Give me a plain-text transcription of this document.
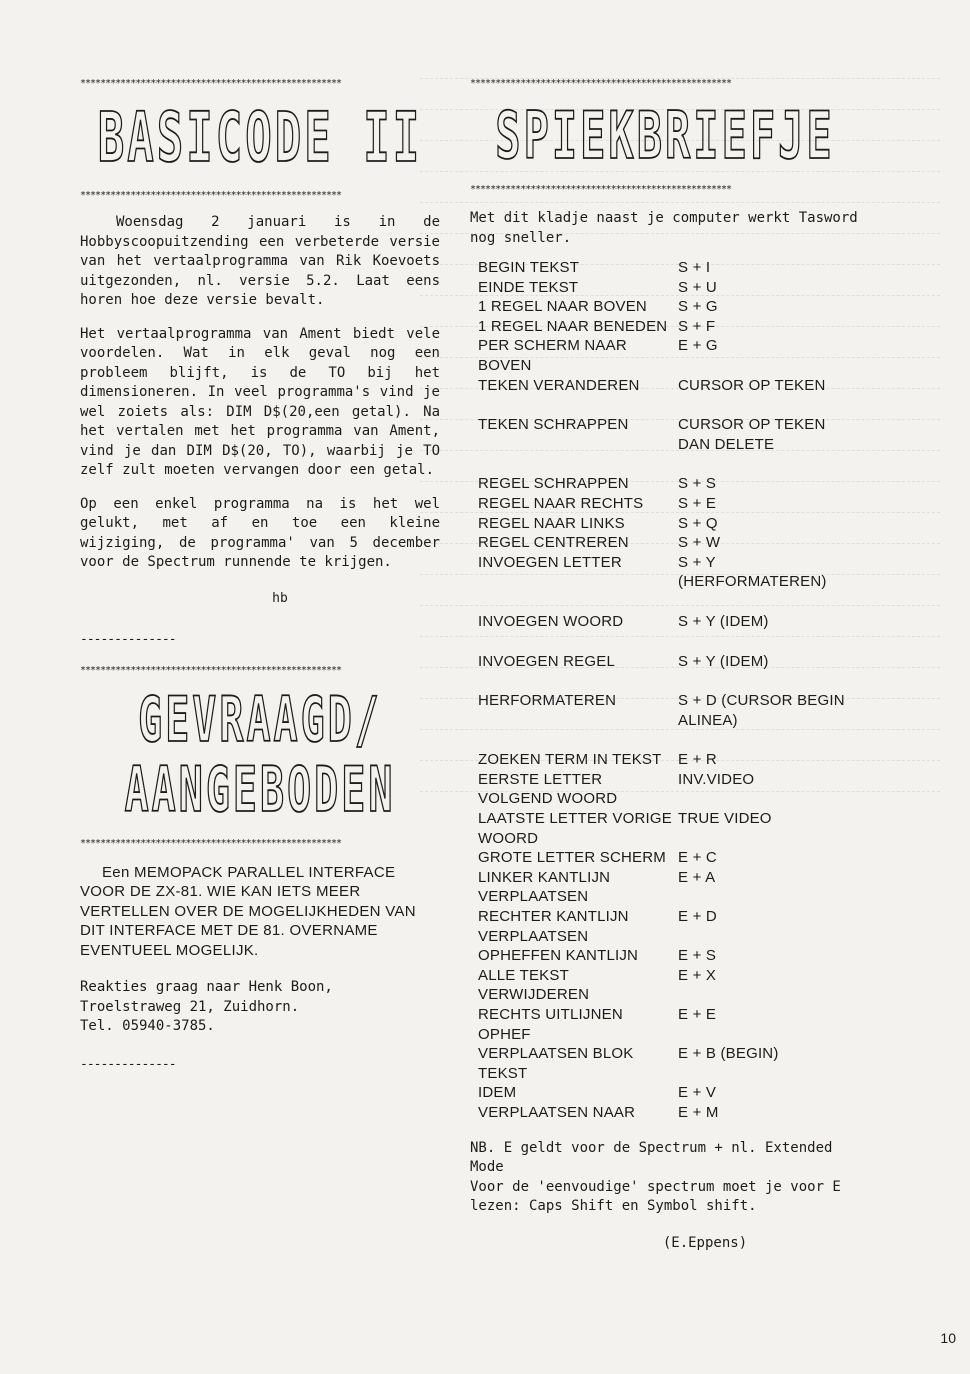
****************************************************
BASICODE II
****************************************************
Woensdag 2 januari is in de Hobbyscoopuitzending een verbeterde versie van het vertaalprogramma van Rik Koevoets uitgezonden, nl. versie 5.2. Laat eens horen hoe deze versie bevalt.
Het vertaalprogramma van Ament biedt vele voordelen. Wat in elk geval nog een probleem blijft, is de TO bij het dimensioneren. In veel programma's vind je wel zoiets als: DIM D$(20,een getal). Na het vertalen met het programma van Ament, vind je dan DIM D$(20, TO), waarbij je TO zelf zult moeten vervangen door een getal.
Op een enkel programma na is het wel gelukt, met af en toe een kleine wijziging, de programma' van 5 december voor de Spectrum runnende te krijgen.
hb
--------------
****************************************************
GEVRAAGD/
AANGEBODEN
****************************************************
Een MEMOPACK PARALLEL INTERFACE VOOR DE ZX-81. WIE KAN IETS MEER VERTELLEN OVER DE MOGELIJKHEDEN VAN DIT INTERFACE MET DE 81. OVERNAME EVENTUEEL MOGELIJK.
Reakties graag naar Henk Boon,
Troelstraweg 21, Zuidhorn.
Tel. 05940-3785.
--------------
****************************************************
SPIEKBRIEFJE
****************************************************
Met dit kladje naast je computer werkt Tasword nog sneller.
BEGIN TEKST	S + I
EINDE TEKST	S + U
1 REGEL NAAR BOVEN	S + G
1 REGEL NAAR BENEDEN	S + F
PER SCHERM NAAR BOVEN	E + G
TEKEN VERANDEREN	CURSOR OP TEKEN
TEKEN SCHRAPPEN	CURSOR OP TEKEN DAN DELETE
REGEL SCHRAPPEN	S + S
REGEL NAAR RECHTS	S + E
REGEL NAAR LINKS	S + Q
REGEL CENTREREN	S + W
INVOEGEN LETTER	S + Y (HERFORMATEREN)
INVOEGEN WOORD	S + Y (IDEM)
INVOEGEN REGEL	S + Y (IDEM)
HERFORMATEREN	S + D (CURSOR BEGIN ALINEA)
ZOEKEN TERM IN TEKST	E + R
EERSTE LETTER VOLGEND WOORD	INV.VIDEO
LAATSTE LETTER VORIGE WOORD	TRUE VIDEO
GROTE LETTER SCHERM	E + C
LINKER KANTLIJN VERPLAATSEN	E + A
RECHTER KANTLIJN VERPLAATSEN	E + D
OPHEFFEN KANTLIJN	E + S
ALLE TEKST VERWIJDEREN	E + X
RECHTS UITLIJNEN OPHEF	E + E
VERPLAATSEN BLOK TEKST	E + B (BEGIN)
IDEM	E + V
VERPLAATSEN NAAR	E + M
NB. E geldt voor de Spectrum + nl. Extended Mode
Voor de 'eenvoudige' spectrum moet je voor E lezen: Caps Shift en Symbol shift.
(E.Eppens)
10
